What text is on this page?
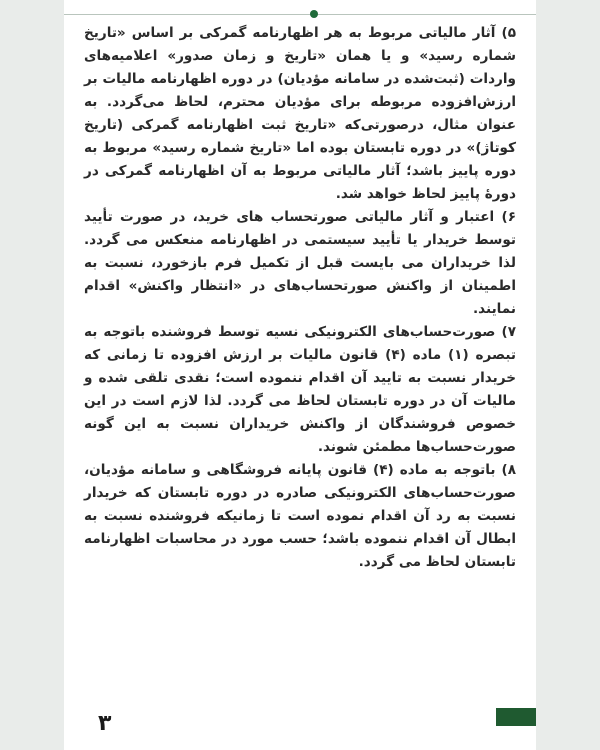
۵) آثار مالیاتی مربوط به هر اظهارنامه گمرکی بر اساس «تاریخ شماره رسید» و یا همان «تاریخ و زمان صدور» اعلامیه‌های واردات (ثبت‌شده در سامانه مؤدیان) در دوره اظهارنامه مالیات بر ارزش‌افزوده مربوطه برای مؤدیان محترم، لحاظ می‌گردد. به عنوان مثال، درصورتی‌که «تاریخ ثبت اظهارنامه گمرکی (تاریخ کوتاژ)» در دوره تابستان بوده اما «تاریخ شماره رسید» مربوط به دوره پاییز باشد؛ آثار مالیاتی مربوط به آن اظهارنامه گمرکی در دورهٔ پاییز لحاظ خواهد شد.

۶) اعتبار و آثار مالیاتی صورتحساب های خرید، در صورت تأیید توسط خریدار یا تأیید سیستمی در اظهارنامه منعکس می گردد. لذا خریداران می بایست قبل از تکمیل فرم بازخورد، نسبت به اطمینان از واکنش صورتحساب‌های در «انتظار واکنش» اقدام نمایند.

۷) صورت‌حساب‌های الکترونیکی نسیه توسط فروشنده باتوجه به تبصره (۱) ماده (۴) قانون مالیات بر ارزش افزوده تا زمانی که خریدار نسبت به تایید آن اقدام ننموده است؛ نقدی تلقی شده و مالیات آن در دوره تابستان لحاظ می گردد. لذا لازم است در این خصوص فروشندگان از واکنش خریداران نسبت به این گونه صورت‌حساب‌ها مطمئن شوند.

۸) باتوجه به ماده (۴) قانون پایانه فروشگاهی و سامانه مؤدیان، صورت‌حساب‌های الکترونیکی صادره در دوره تابستان که خریدار نسبت به رد آن اقدام نموده است تا زمانیکه فروشنده نسبت به ابطال آن اقدام ننموده باشد؛ حسب مورد در محاسبات اظهارنامه تابستان لحاظ می گردد.

۳
